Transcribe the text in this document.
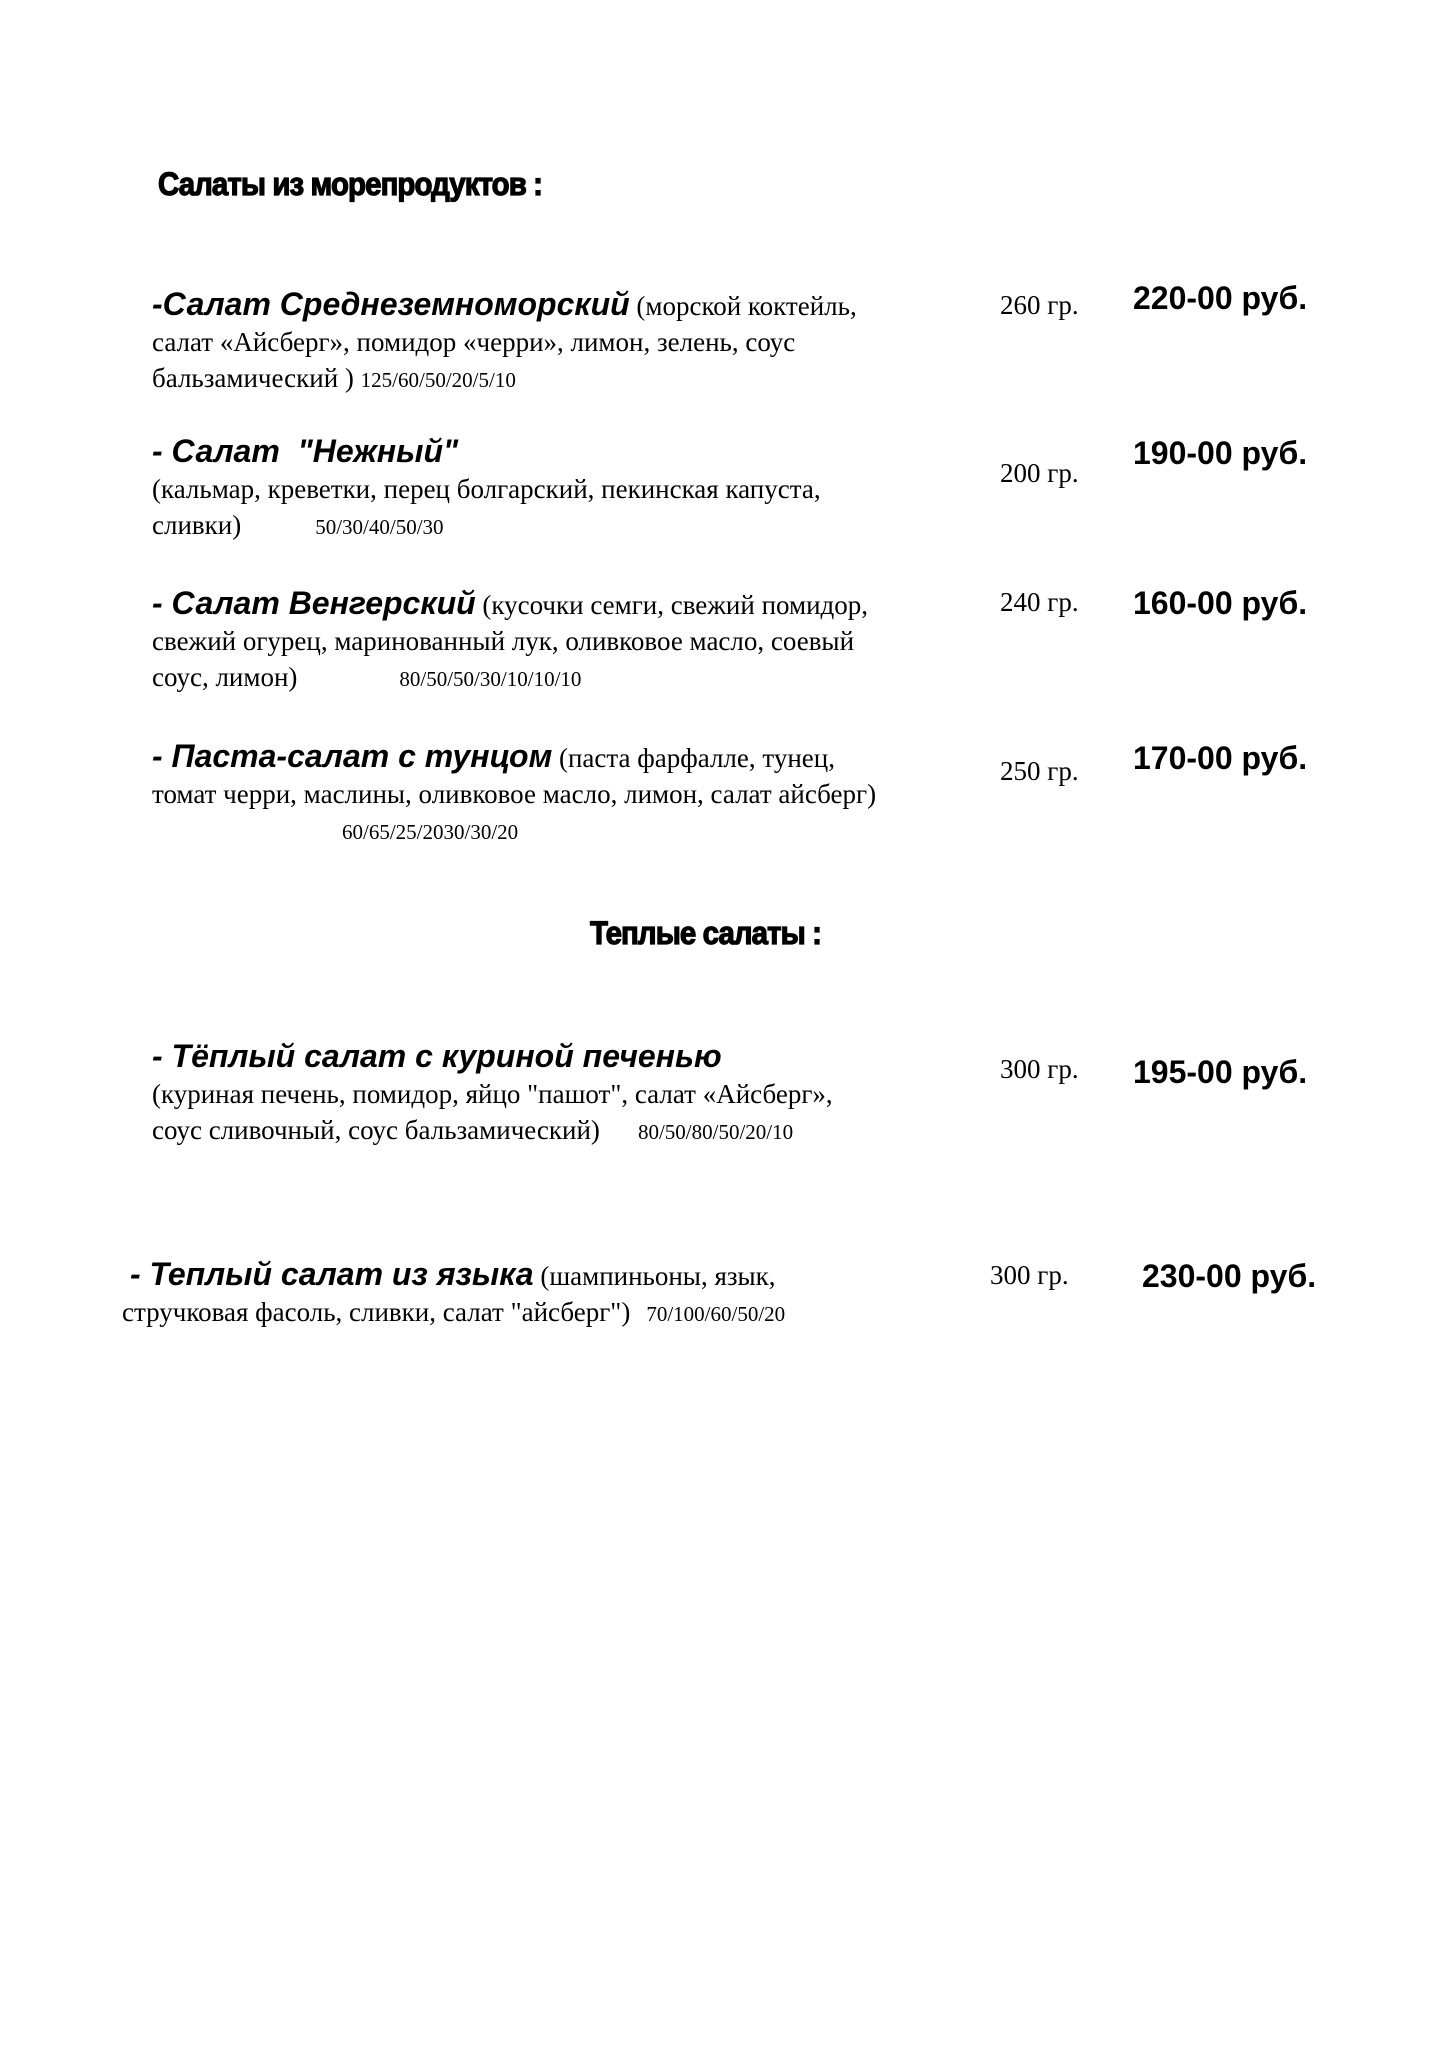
Салаты из морепродуктов :
-Салат Среднеземноморский (морской коктейль,
салат «Айсберг», помидор «черри», лимон, зелень, соус
бальзамический ) 125/60/50/20/5/10
260 гр. 220-00 руб.
- Салат  "Нежный"
(кальмар, креветки, перец болгарский, пекинская капуста,
сливки)	50/30/40/50/30
200 гр.
190-00 руб.
- Салат Венгерский (кусочки семги, свежий помидор,
свежий огурец, маринованный лук, оливковое масло, соевый
соус, лимон)	80/50/50/30/10/10/10
240 гр. 160-00 руб.
- Паста-салат с тунцом (паста фарфалле, тунец,
томат черри, маслины, оливковое масло, лимон, салат айсберг)
60/65/25/2030/30/20
250 гр. 170-00 руб.
Теплые салаты :
- Тёплый салат с куриной печенью
(куриная печень, помидор, яйцо "пашот", салат «Айсберг»,
соус сливочный, соус бальзамический) 80/50/80/50/20/10
300 гр. 195-00 руб.
- Теплый салат из языка (шампиньоны, язык,
стручковая фасоль, сливки, салат "айсберг") 70/100/60/50/20
300 гр. 230-00 руб.
